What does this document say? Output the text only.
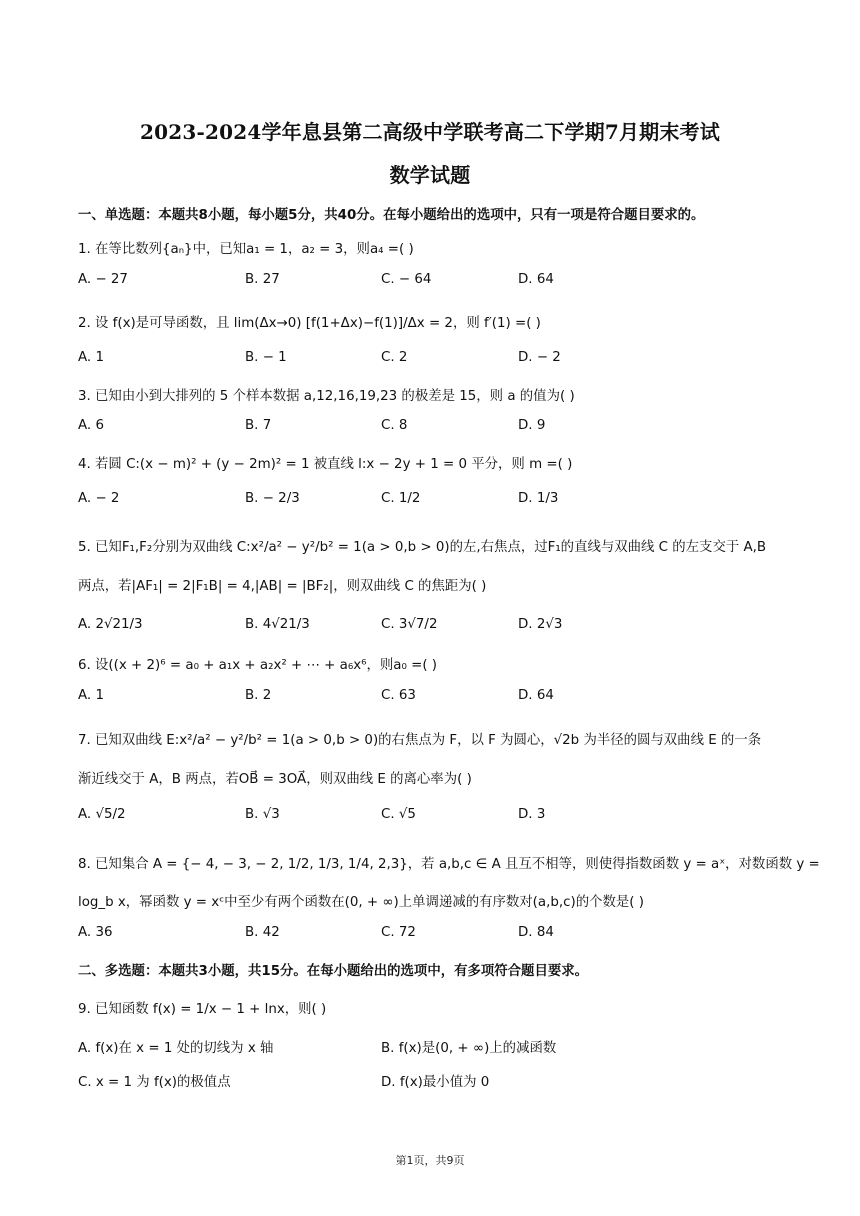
2023-2024学年息县第二高级中学联考高二下学期7月期末考试
数学试题
一、单选题：本题共8小题，每小题5分，共40分。在每小题给出的选项中，只有一项是符合题目要求的。
1. 在等比数列{aₙ}中，已知a₁ = 1，a₂ = 3，则a₄ =( )
A. − 27	B. 27	C. − 64	D. 64
2. 设 f(x)是可导函数，且 lim(Δx→0) [f(1+Δx)−f(1)]/Δx = 2，则 f′(1) =( )
A. 1	B. − 1	C. 2	D. − 2
3. 已知由小到大排列的 5 个样本数据 a,12,16,19,23 的极差是 15，则 a 的值为( )
A. 6	B. 7	C. 8	D. 9
4. 若圆 C:(x − m)² + (y − 2m)² = 1 被直线 l:x − 2y + 1 = 0 平分，则 m =( )
A. − 2	B. − 2/3	C. 1/2	D. 1/3
5. 已知F₁,F₂分别为双曲线 C:x²/a² − y²/b² = 1(a > 0,b > 0)的左,右焦点，过F₁的直线与双曲线 C 的左支交于 A,B
两点，若|AF₁| = 2|F₁B| = 4,|AB| = |BF₂|，则双曲线 C 的焦距为( )
A. 2√21/3	B. 4√21/3	C. 3√7/2	D. 2√3
6. 设((x + 2)⁶ = a₀ + a₁x + a₂x² + ⋯ + a₆x⁶，则a₀ =( )
A. 1	B. 2	C. 63	D. 64
7. 已知双曲线 E:x²/a² − y²/b² = 1(a > 0,b > 0)的右焦点为 F，以 F 为圆心，√2b 为半径的圆与双曲线 E 的一条
渐近线交于 A，B 两点，若OB⃗ = 3OA⃗，则双曲线 E 的离心率为( )
A. √5/2	B. √3	C. √5	D. 3
8. 已知集合 A = {− 4, − 3, − 2, 1/2, 1/3, 1/4, 2,3}，若 a,b,c ∈ A 且互不相等，则使得指数函数 y = aˣ，对数函数 y =
log_b x，幂函数 y = xᶜ中至少有两个函数在(0, + ∞)上单调递减的有序数对(a,b,c)的个数是( )
A. 36	B. 42	C. 72	D. 84
二、多选题：本题共3小题，共15分。在每小题给出的选项中，有多项符合题目要求。
9. 已知函数 f(x) = 1/x − 1 + lnx，则( )
A. f(x)在 x = 1 处的切线为 x 轴	B. f(x)是(0, + ∞)上的减函数
C. x = 1 为 f(x)的极值点	D. f(x)最小值为 0
第1页，共9页
